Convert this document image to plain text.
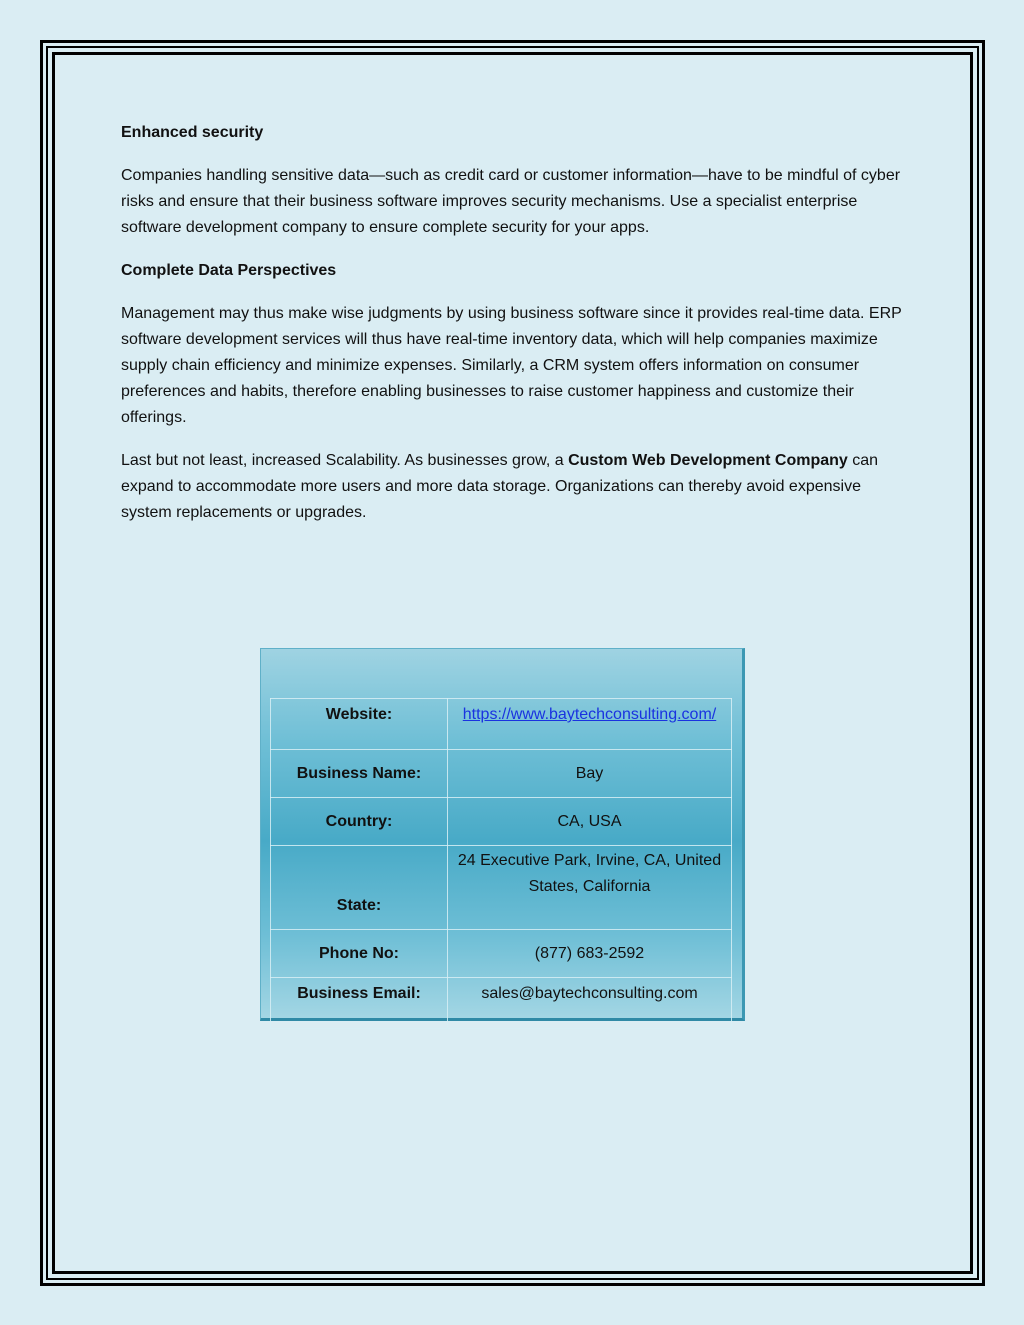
Enhanced security

Companies handling sensitive data—such as credit card or customer information—have to be mindful of cyber risks and ensure that their business software improves security mechanisms. Use a specialist enterprise software development company to ensure complete security for your apps.

Complete Data Perspectives

Management may thus make wise judgments by using business software since it provides real-time data. ERP software development services will thus have real-time inventory data, which will help companies maximize supply chain efficiency and minimize expenses. Similarly, a CRM system offers information on consumer preferences and habits, therefore enabling businesses to raise customer happiness and customize their offerings.

Last but not least, increased Scalability. As businesses grow, a Custom Web Development Company can expand to accommodate more users and more data storage. Organizations can thereby avoid expensive system replacements or upgrades.

Website:	https://www.baytechconsulting.com/
Business Name:	Bay
Country:	CA, USA
State:	24 Executive Park, Irvine, CA, United States, California
Phone No:	(877) 683-2592
Business Email:	sales@baytechconsulting.com
